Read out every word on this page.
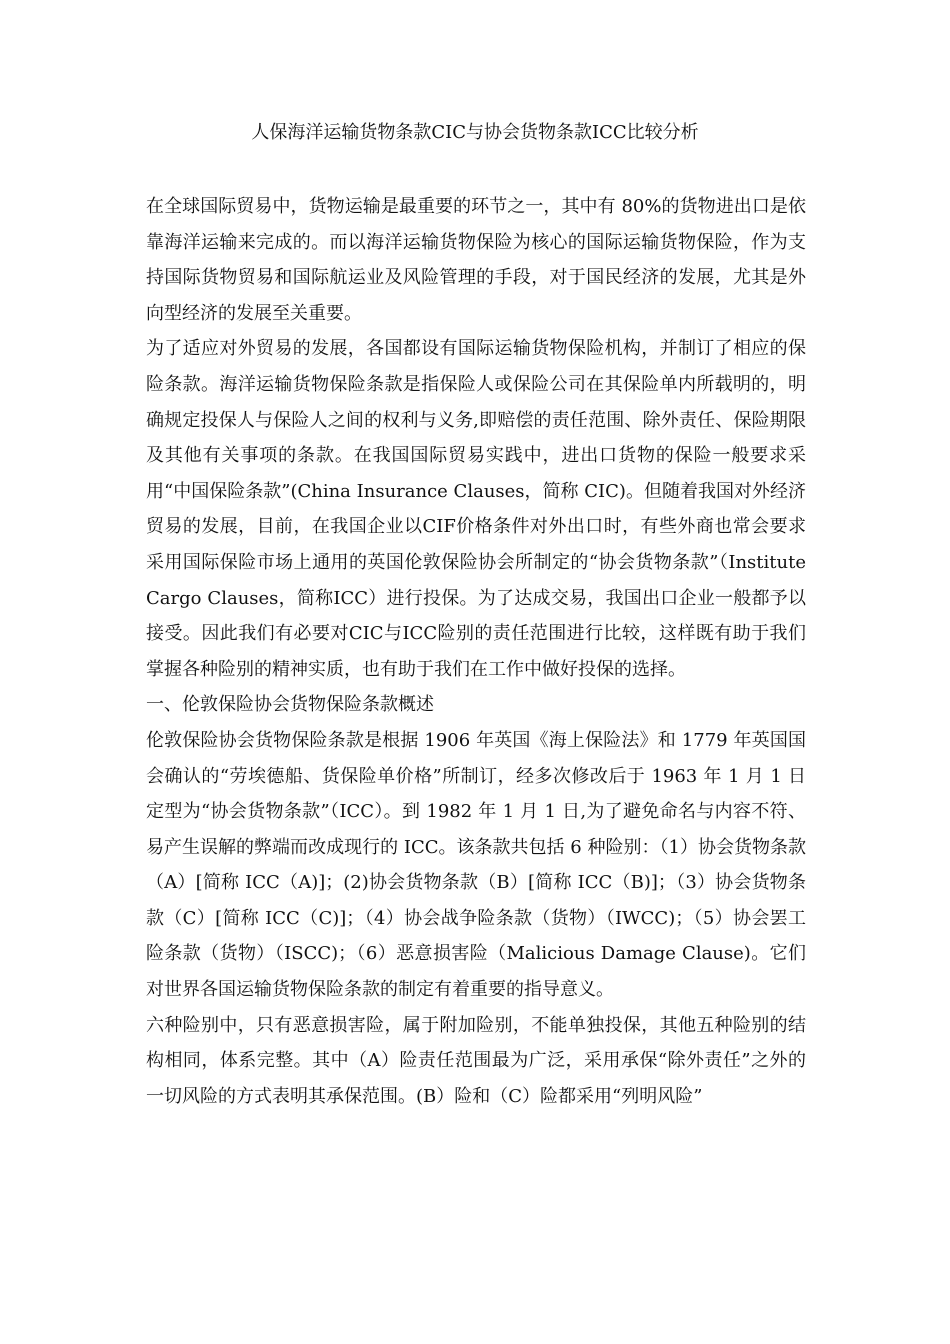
人保海洋运输货物条款CIC与协会货物条款ICC比较分析

在全球国际贸易中，货物运输是最重要的环节之一，其中有 80%的货物进出口是依靠海洋运输来完成的。而以海洋运输货物保险为核心的国际运输货物保险，作为支持国际货物贸易和国际航运业及风险管理的手段，对于国民经济的发展，尤其是外向型经济的发展至关重要。

为了适应对外贸易的发展，各国都设有国际运输货物保险机构，并制订了相应的保险条款。海洋运输货物保险条款是指保险人或保险公司在其保险单内所载明的，明确规定投保人与保险人之间的权利与义务,即赔偿的责任范围、除外责任、保险期限及其他有关事项的条款。在我国国际贸易实践中，进出口货物的保险一般要求采用“中国保险条款”(China Insurance Clauses，简称 CIC)。但随着我国对外经济贸易的发展，目前，在我国企业以CIF价格条件对外出口时，有些外商也常会要求采用国际保险市场上通用的英国伦敦保险协会所制定的“协会货物条款”（Institute Cargo Clauses，简称ICC）进行投保。为了达成交易，我国出口企业一般都予以接受。因此我们有必要对CIC与ICC险别的责任范围进行比较，这样既有助于我们掌握各种险别的精神实质，也有助于我们在工作中做好投保的选择。

一、伦敦保险协会货物保险条款概述

伦敦保险协会货物保险条款是根据 1906 年英国《海上保险法》和 1779 年英国国会确认的“劳埃德船、货保险单价格”所制订，经多次修改后于 1963 年 1 月 1 日定型为“协会货物条款”（ICC）。到 1982 年 1 月 1 日,为了避免命名与内容不符、易产生误解的弊端而改成现行的 ICC。该条款共包括 6 种险别：（1）协会货物条款（A）[简称 ICC（A)]；(2)协会货物条款（B）[简称 ICC（B)]；（3）协会货物条款（C）[简称 ICC（C)]；（4）协会战争险条款（货物）（IWCC)；（5）协会罢工险条款（货物）（ISCC)；（6）恶意损害险（Malicious Damage Clause)。它们对世界各国运输货物保险条款的制定有着重要的指导意义。

六种险别中，只有恶意损害险，属于附加险别，不能单独投保，其他五种险别的结构相同，体系完整。其中（A）险责任范围最为广泛，采用承保“除外责任”之外的一切风险的方式表明其承保范围。(B）险和（C）险都采用“列明风险”
